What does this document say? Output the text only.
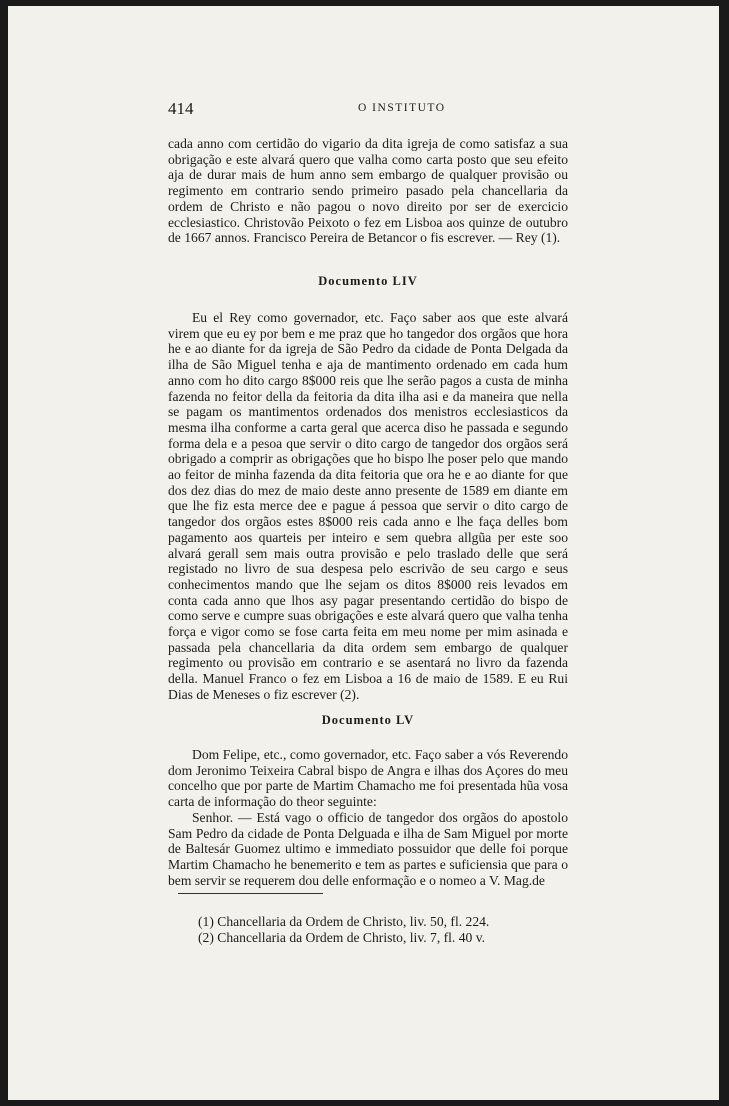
414	O INSTITUTO

cada anno com certidão do vigario da dita igreja de como satisfaz a sua obrigação e este alvará quero que valha como carta posto que seu efeito aja de durar mais de hum anno sem embargo de qualquer provisão ou regimento em contrario sendo primeiro pasado pela chancellaria da ordem de Christo e não pagou o novo direito por ser de exercicio ecclesiastico. Christovão Peixoto o fez em Lisboa aos quinze de outubro de 1667 annos. Francisco Pereira de Betancor o fis escrever. — Rey (1).

Documento LIV

Eu el Rey como governador, etc. Faço saber aos que este alvará virem que eu ey por bem e me praz que ho tangedor dos orgãos que hora he e ao diante for da igreja de São Pedro da cidade de Ponta Delgada da ilha de São Miguel tenha e aja de mantimento ordenado em cada hum anno com ho dito cargo 8$000 reis que lhe serão pagos a custa de minha fazenda no feitor della da feitoria da dita ilha asi e da maneira que nella se pagam os mantimentos ordenados dos menistros ecclesiasticos da mesma ilha conforme a carta geral que acerca diso he passada e segundo forma dela e a pesoa que servir o dito cargo de tangedor dos orgãos será obrigado a comprir as obrigações que ho bispo lhe poser pelo que mando ao feitor de minha fazenda da dita feitoria que ora he e ao diante for que dos dez dias do mez de maio deste anno presente de 1589 em diante em que lhe fiz esta merce dee e pague á pessoa que servir o dito cargo de tangedor dos orgãos estes 8$000 reis cada anno e lhe faça delles bom pagamento aos quarteis per inteiro e sem quebra allgũa per este soo alvará gerall sem mais outra provisão e pelo traslado delle que será registado no livro de sua despesa pelo escrivão de seu cargo e seus conhecimentos mando que lhe sejam os ditos 8$000 reis levados em conta cada anno que lhos asy pagar presentando certidão do bispo de como serve e cumpre suas obrigações e este alvará quero que valha tenha força e vigor como se fose carta feita em meu nome per mim asinada e passada pela chancellaria da dita ordem sem embargo de qualquer regimento ou provisão em contrario e se asentará no livro da fazenda della. Manuel Franco o fez em Lisboa a 16 de maio de 1589. E eu Rui Dias de Meneses o fiz escrever (2).

Documento LV

Dom Felipe, etc., como governador, etc. Faço saber a vós Reverendo dom Jeronimo Teixeira Cabral bispo de Angra e ilhas dos Açores do meu concelho que por parte de Martim Chamacho me foi presentada hũa vosa carta de informação do theor seguinte:

Senhor. — Está vago o officio de tangedor dos orgãos do apostolo Sam Pedro da cidade de Ponta Delguada e ilha de Sam Miguel por morte de Baltesár Guomez ultimo e immediato possuidor que delle foi porque Martim Chamacho he benemerito e tem as partes e suficiensia que para o bem servir se requerem dou delle enformação e o nomeo a V. Mag.de

(1) Chancellaria da Ordem de Christo, liv. 50, fl. 224.
(2) Chancellaria da Ordem de Christo, liv. 7, fl. 40 v.
